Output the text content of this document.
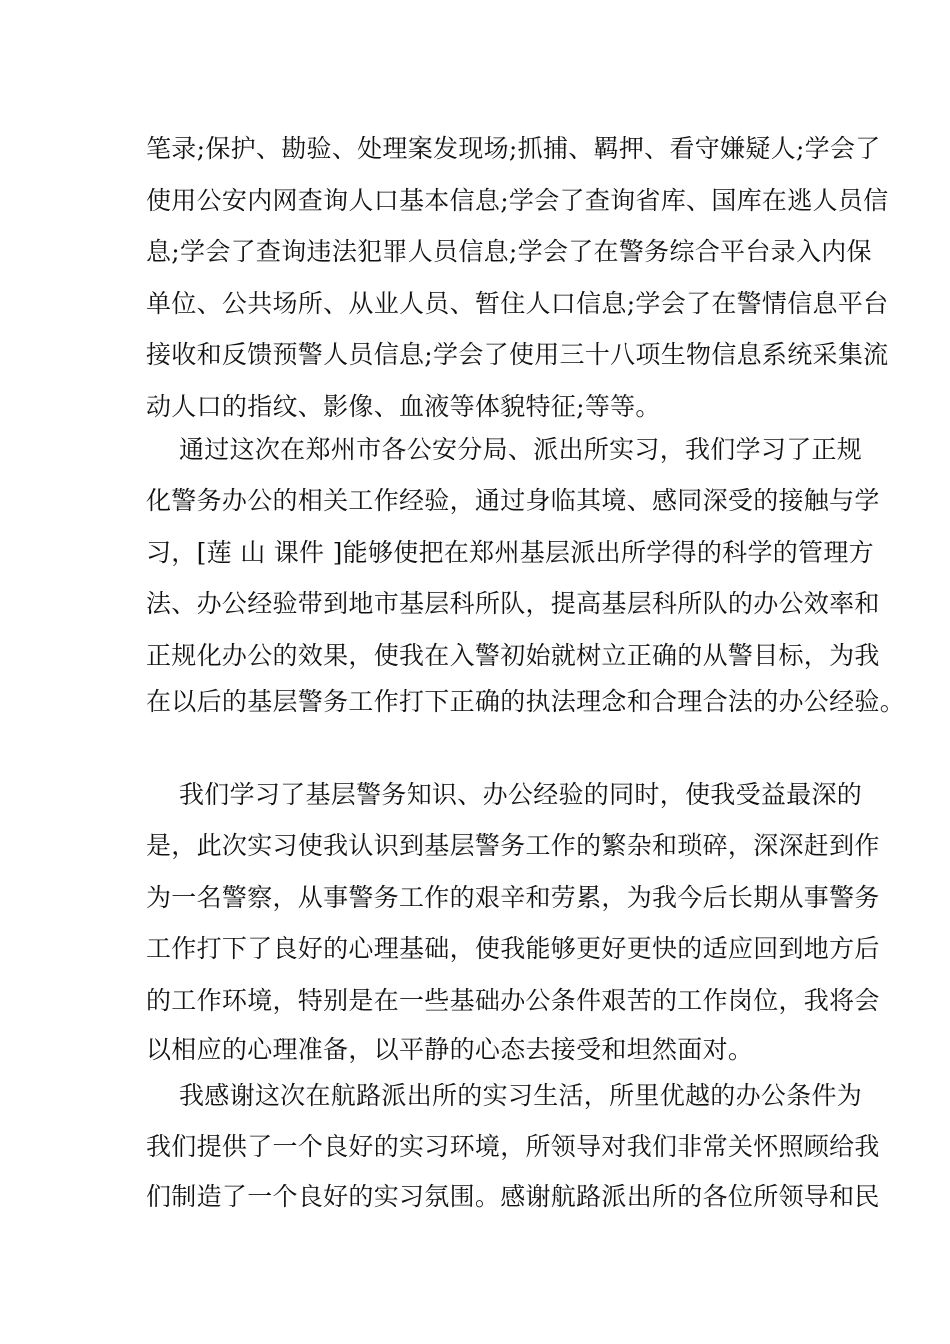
笔录;保护、勘验、处理案发现场;抓捕、羁押、看守嫌疑人;学会了
使用公安内网查询人口基本信息;学会了查询省库、国库在逃人员信
息;学会了查询违法犯罪人员信息;学会了在警务综合平台录入内保
单位、公共场所、从业人员、暂住人口信息;学会了在警情信息平台
接收和反馈预警人员信息;学会了使用三十八项生物信息系统采集流
动人口的指纹、影像、血液等体貌特征;等等。
通过这次在郑州市各公安分局、派出所实习，我们学习了正规
化警务办公的相关工作经验，通过身临其境、感同深受的接触与学
习，[莲 山 课件 ]能够使把在郑州基层派出所学得的科学的管理方
法、办公经验带到地市基层科所队，提高基层科所队的办公效率和
正规化办公的效果，使我在入警初始就树立正确的从警目标，为我
在以后的基层警务工作打下正确的执法理念和合理合法的办公经验。
我们学习了基层警务知识、办公经验的同时，使我受益最深的
是，此次实习使我认识到基层警务工作的繁杂和琐碎，深深赶到作
为一名警察，从事警务工作的艰辛和劳累，为我今后长期从事警务
工作打下了良好的心理基础，使我能够更好更快的适应回到地方后
的工作环境，特别是在一些基础办公条件艰苦的工作岗位，我将会
以相应的心理准备，以平静的心态去接受和坦然面对。
我感谢这次在航路派出所的实习生活，所里优越的办公条件为
我们提供了一个良好的实习环境，所领导对我们非常关怀照顾给我
们制造了一个良好的实习氛围。感谢航路派出所的各位所领导和民
